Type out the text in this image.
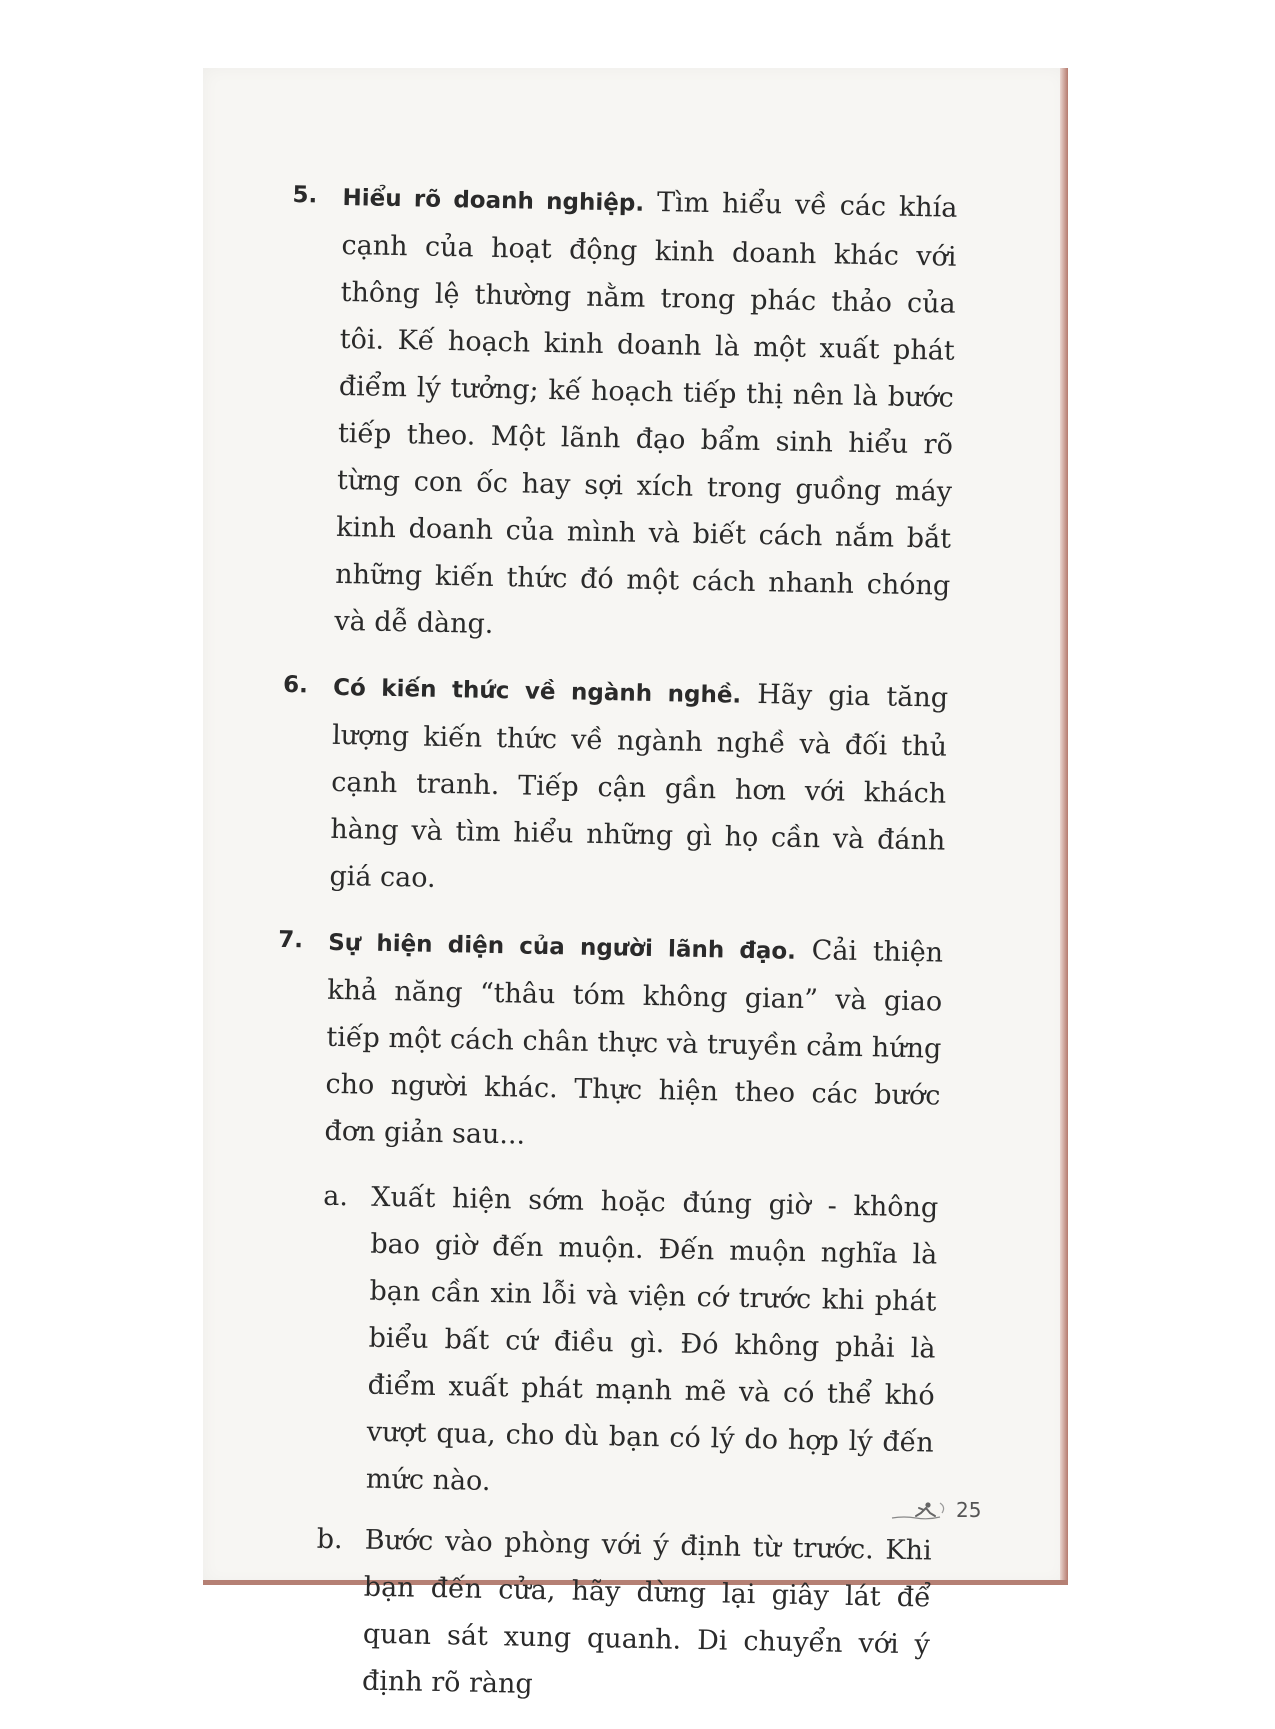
5. Hiểu rõ doanh nghiệp. Tìm hiểu về các khía cạnh của hoạt động kinh doanh khác với thông lệ thường nằm trong phác thảo của tôi. Kế hoạch kinh doanh là một xuất phát điểm lý tưởng; kế hoạch tiếp thị nên là bước tiếp theo. Một lãnh đạo bẩm sinh hiểu rõ từng con ốc hay sợi xích trong guồng máy kinh doanh của mình và biết cách nắm bắt những kiến thức đó một cách nhanh chóng và dễ dàng.
6. Có kiến thức về ngành nghề. Hãy gia tăng lượng kiến thức về ngành nghề và đối thủ cạnh tranh. Tiếp cận gần hơn với khách hàng và tìm hiểu những gì họ cần và đánh giá cao.
7. Sự hiện diện của người lãnh đạo. Cải thiện khả năng “thâu tóm không gian” và giao tiếp một cách chân thực và truyền cảm hứng cho người khác. Thực hiện theo các bước đơn giản sau...
a. Xuất hiện sớm hoặc đúng giờ - không bao giờ đến muộn. Đến muộn nghĩa là bạn cần xin lỗi và viện cớ trước khi phát biểu bất cứ điều gì. Đó không phải là điểm xuất phát mạnh mẽ và có thể khó vượt qua, cho dù bạn có lý do hợp lý đến mức nào.
b. Bước vào phòng với ý định từ trước. Khi bạn đến cửa, hãy dừng lại giây lát để quan sát xung quanh. Di chuyển với ý định rõ ràng
25
